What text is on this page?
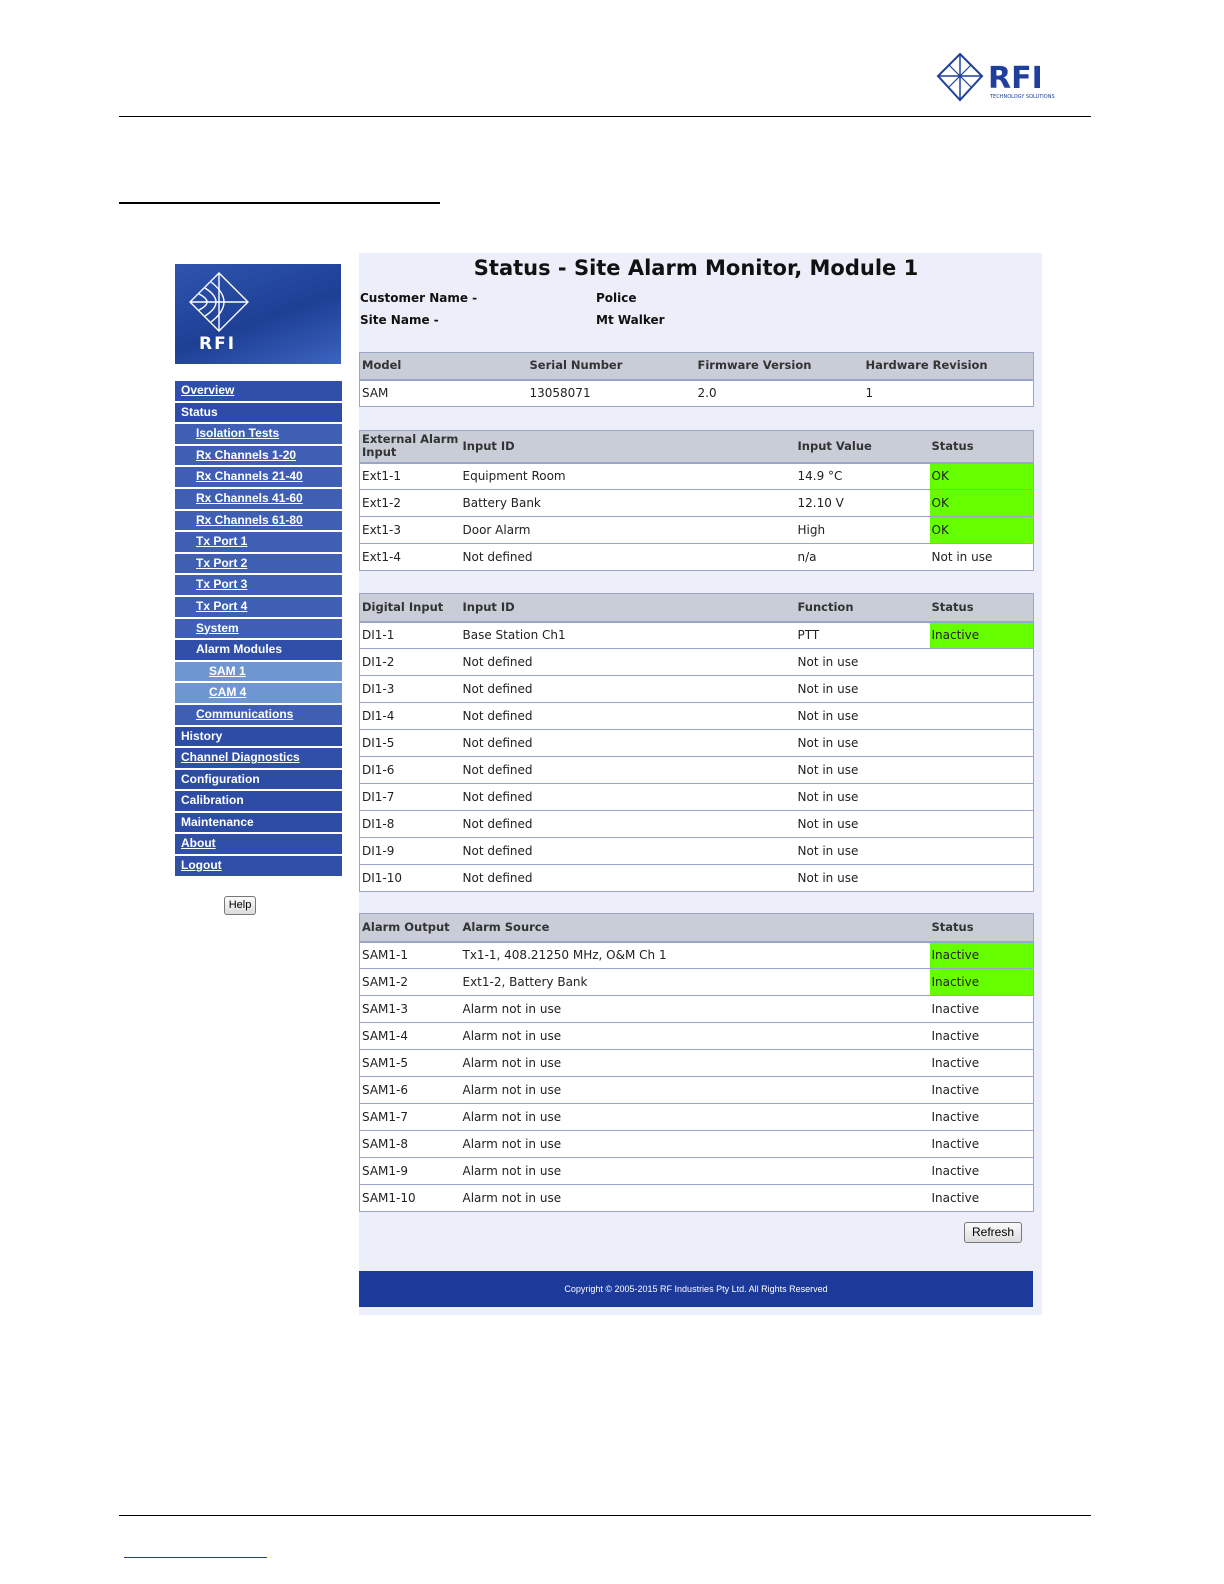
RFI
TECHNOLOGY SOLUTIONS
RFI
Overview
Status
Isolation Tests
Rx Channels 1-20
Rx Channels 21-40
Rx Channels 41-60
Rx Channels 61-80
Tx Port 1
Tx Port 2
Tx Port 3
Tx Port 4
System
Alarm Modules
SAM 1
CAM 4
Communications
History
Channel Diagnostics
Configuration
Calibration
Maintenance
About
Logout
Help
Status - Site Alarm Monitor, Module 1
Customer Name -	Police
Site Name -	Mt Walker
Model	Serial Number	Firmware Version	Hardware Revision
SAM	13058071	2.0	1
External Alarm Input	Input ID	Input Value	Status
Ext1-1	Equipment Room	14.9 °C	OK
Ext1-2	Battery Bank	12.10 V	OK
Ext1-3	Door Alarm	High	OK
Ext1-4	Not defined	n/a	Not in use
Digital Input	Input ID	Function	Status
DI1-1	Base Station Ch1	PTT	Inactive
DI1-2	Not defined	Not in use	
DI1-3	Not defined	Not in use	
DI1-4	Not defined	Not in use	
DI1-5	Not defined	Not in use	
DI1-6	Not defined	Not in use	
DI1-7	Not defined	Not in use	
DI1-8	Not defined	Not in use	
DI1-9	Not defined	Not in use	
DI1-10	Not defined	Not in use	
Alarm Output	Alarm Source	Status
SAM1-1	Tx1-1, 408.21250 MHz, O&M Ch 1	Inactive
SAM1-2	Ext1-2, Battery Bank	Inactive
SAM1-3	Alarm not in use	Inactive
SAM1-4	Alarm not in use	Inactive
SAM1-5	Alarm not in use	Inactive
SAM1-6	Alarm not in use	Inactive
SAM1-7	Alarm not in use	Inactive
SAM1-8	Alarm not in use	Inactive
SAM1-9	Alarm not in use	Inactive
SAM1-10	Alarm not in use	Inactive
Refresh
Copyright © 2005-2015 RF Industries Pty Ltd. All Rights Reserved
